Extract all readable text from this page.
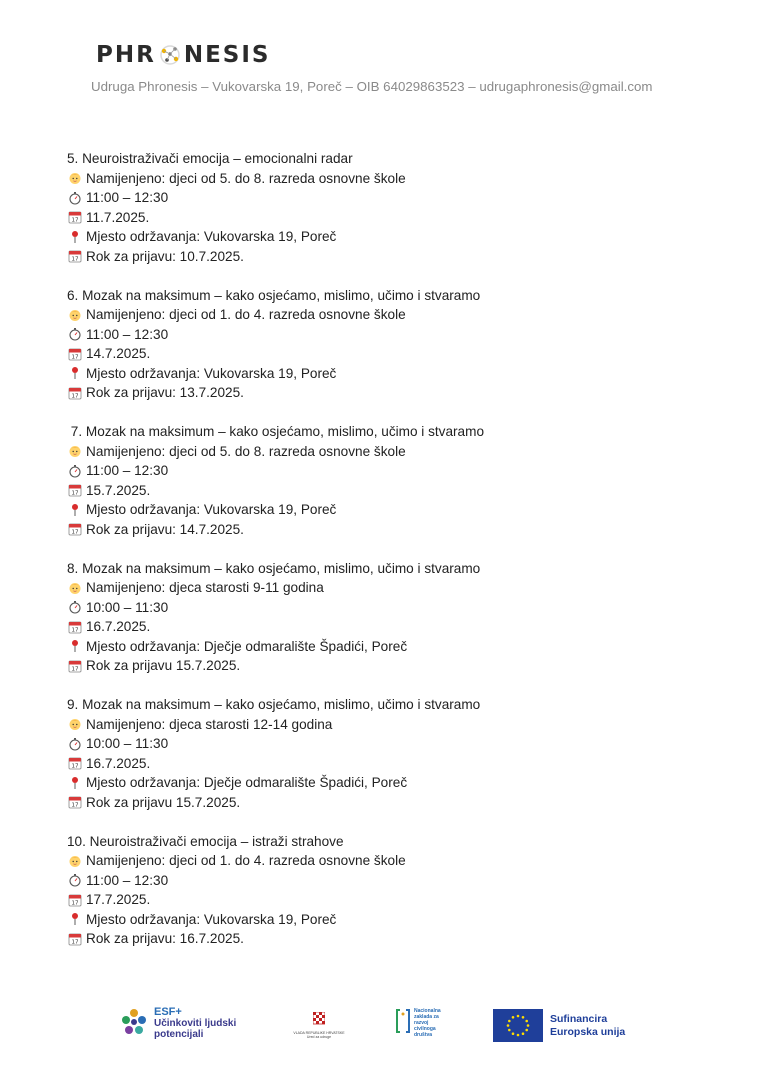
PHR NESIS
Udruga Phronesis – Vukovarska 19, Poreč – OIB 64029863523 – udrugaphronesis@gmail.com
5. Neuroistraživači emocija – emocionalni radar
Namijenjeno: djeci od 5. do 8. razreda osnovne škole
11:00 – 12:30
17 11.7.2025.
Mjesto održavanja: Vukovarska 19, Poreč
17 Rok za prijavu: 10.7.2025.
6. Mozak na maksimum – kako osjećamo, mislimo, učimo i stvaramo
Namijenjeno: djeci od 1. do 4. razreda osnovne škole
11:00 – 12:30
17 14.7.2025.
Mjesto održavanja: Vukovarska 19, Poreč
17 Rok za prijavu: 13.7.2025.
7. Mozak na maksimum – kako osjećamo, mislimo, učimo i stvaramo
Namijenjeno: djeci od 5. do 8. razreda osnovne škole
11:00 – 12:30
17 15.7.2025.
Mjesto održavanja: Vukovarska 19, Poreč
17 Rok za prijavu: 14.7.2025.
8. Mozak na maksimum – kako osjećamo, mislimo, učimo i stvaramo
Namijenjeno: djeca starosti 9-11 godina
10:00 – 11:30
17 16.7.2025.
Mjesto održavanja: Dječje odmaralište Špadići, Poreč
17 Rok za prijavu 15.7.2025.
9. Mozak na maksimum – kako osjećamo, mislimo, učimo i stvaramo
Namijenjeno: djeca starosti 12-14 godina
10:00 – 11:30
17 16.7.2025.
Mjesto održavanja: Dječje odmaralište Špadići, Poreč
17 Rok za prijavu 15.7.2025.
10. Neuroistraživači emocija – istraži strahove
Namijenjeno: djeci od 1. do 4. razreda osnovne škole
11:00 – 12:30
17 17.7.2025.
Mjesto održavanja: Vukovarska 19, Poreč
17 Rok za prijavu: 16.7.2025.
ESF+
Učinkoviti ljudski
potencijali	VLADA REPUBLIKE HRVATSKE
Ured za udruge
Nacionalna
zaklada za
razvoj
civilnoga
društva
Sufinancira
Europska unija
